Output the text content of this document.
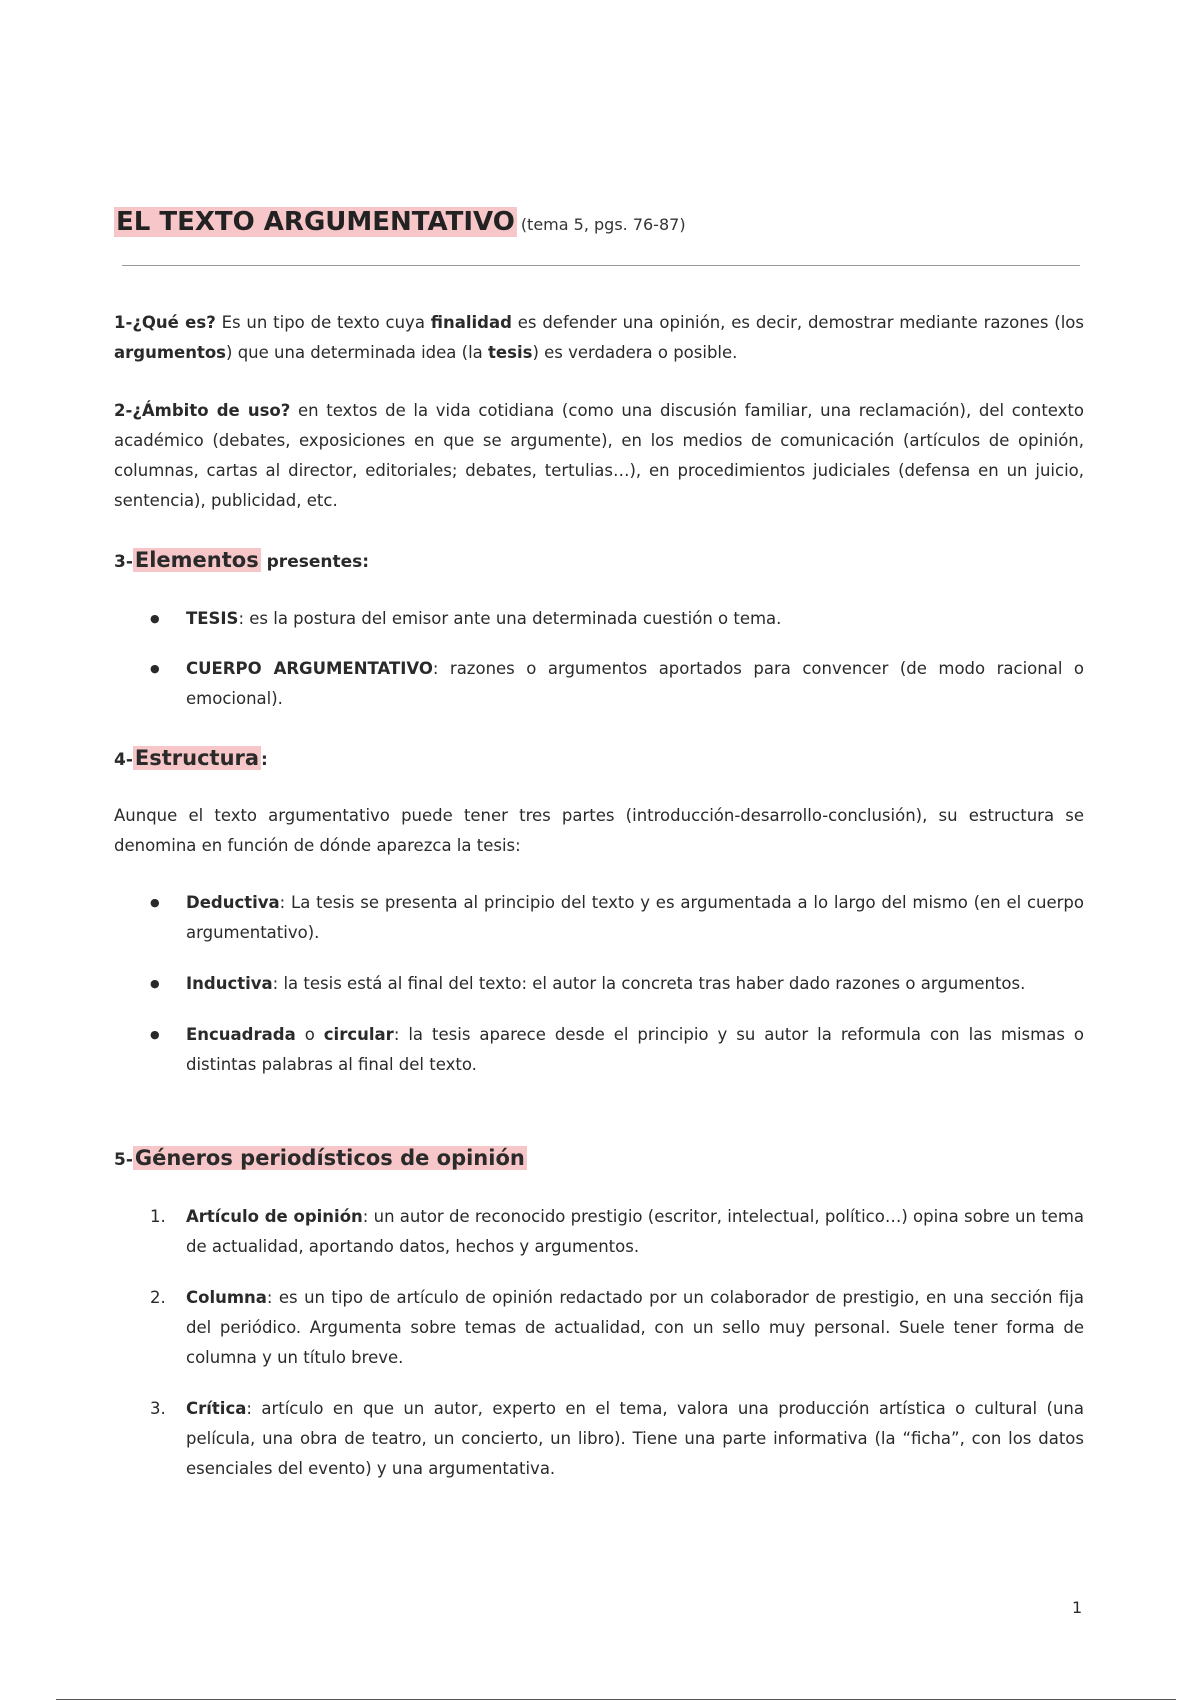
EL TEXTO ARGUMENTATIVO (tema 5, pgs. 76-87)

1-¿Qué es? Es un tipo de texto cuya finalidad es defender una opinión, es decir, demostrar mediante razones (los argumentos) que una determinada idea (la tesis) es verdadera o posible.

2-¿Ámbito de uso? en textos de la vida cotidiana (como una discusión familiar, una reclamación), del contexto académico (debates, exposiciones en que se argumente), en los medios de comunicación (artículos de opinión, columnas, cartas al director, editoriales; debates, tertulias…), en procedimientos judiciales (defensa en un juicio, sentencia), publicidad, etc.

3-Elementos presentes:
● TESIS: es la postura del emisor ante una determinada cuestión o tema.
● CUERPO ARGUMENTATIVO: razones o argumentos aportados para convencer (de modo racional o emocional).
4-Estructura :

Aunque el texto argumentativo puede tener tres partes (introducción-desarrollo-conclusión), su estructura se denomina en función de dónde aparezca la tesis:

● Deductiva: La tesis se presenta al principio del texto y es argumentada a lo largo del mismo (en el cuerpo argumentativo).
● Inductiva: la tesis está al final del texto: el autor la concreta tras haber dado razones o argumentos.
● Encuadrada o circular: la tesis aparece desde el principio y su autor la reformula con las mismas o distintas palabras al final del texto.
5-Géneros periodísticos de opinión
1. Artículo de opinión: un autor de reconocido prestigio (escritor, intelectual, político…) opina sobre un tema de actualidad, aportando datos, hechos y argumentos.
2. Columna: es un tipo de artículo de opinión redactado por un colaborador de prestigio, en una sección fija del periódico. Argumenta sobre temas de actualidad, con un sello muy personal. Suele tener forma de columna y un título breve.
3. Crítica: artículo en que un autor, experto en el tema, valora una producción artística o cultural (una película, una obra de teatro, un concierto, un libro). Tiene una parte informativa (la “ficha”, con los datos esenciales del evento) y una argumentativa.
1
